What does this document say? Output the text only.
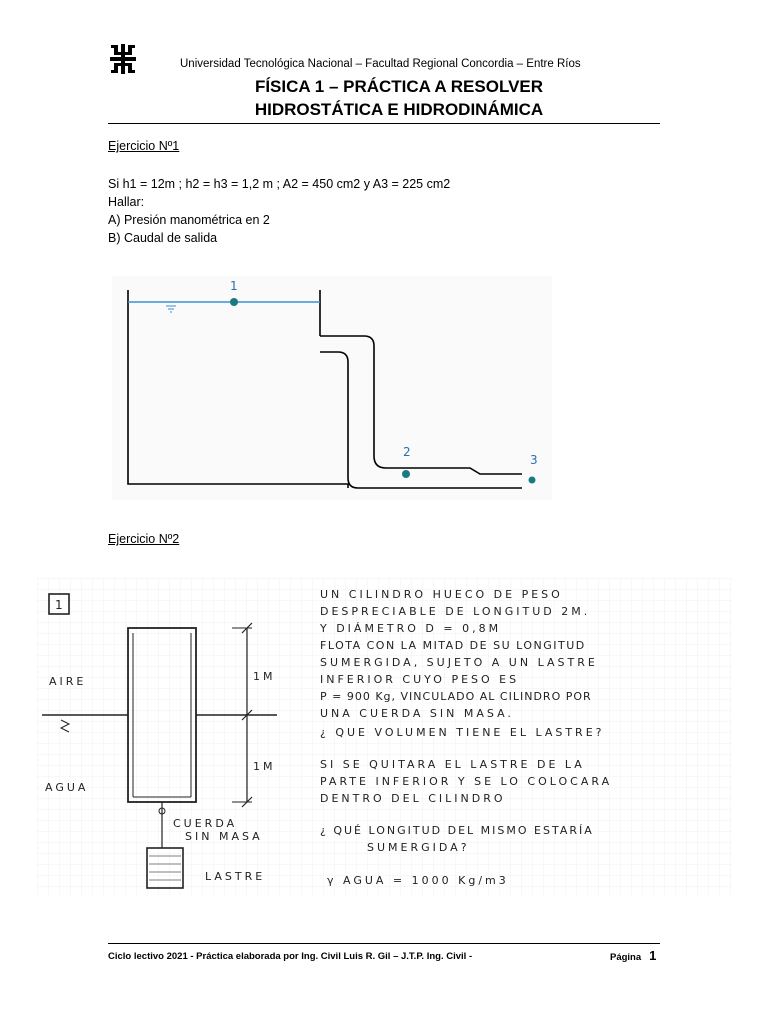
Universidad Tecnológica Nacional – Facultad Regional Concordia – Entre Ríos
FÍSICA 1 – PRÁCTICA A RESOLVER
HIDROSTÁTICA E HIDRODINÁMICA
Ejercicio Nº1
Si h1 = 12m ; h2 = h3 = 1,2 m ; A2 = 450 cm2 y A3 = 225 cm2
Hallar:
A) Presión manométrica en 2
B) Caudal de salida
1
2
3
Ejercicio Nº2
1
AIRE
AGUA
1M
1M
CUERDA
SIN MASA
LASTRE
UN CILINDRO HUECO DE PESO
DESPRECIABLE DE LONGITUD 2M.
Y DIÁMETRO D = 0,8M
FLOTA CON LA MITAD DE SU LONGITUD
SUMERGIDA, SUJETO A UN LASTRE
INFERIOR CUYO PESO ES
P = 900 Kg, VINCULADO AL CILINDRO POR
UNA CUERDA SIN MASA.
¿ QUE VOLUMEN TIENE EL LASTRE?
SI SE QUITARA EL LASTRE DE LA
PARTE INFERIOR Y SE LO COLOCARA
DENTRO DEL CILINDRO
¿ QUÉ LONGITUD DEL MISMO ESTARÍA
SUMERGIDA?
γ AGUA = 1000 Kg/m3
Ciclo lectivo 2021 - Práctica elaborada por Ing. Civil Luis R. Gil – J.T.P. Ing. Civil -	Página 1
